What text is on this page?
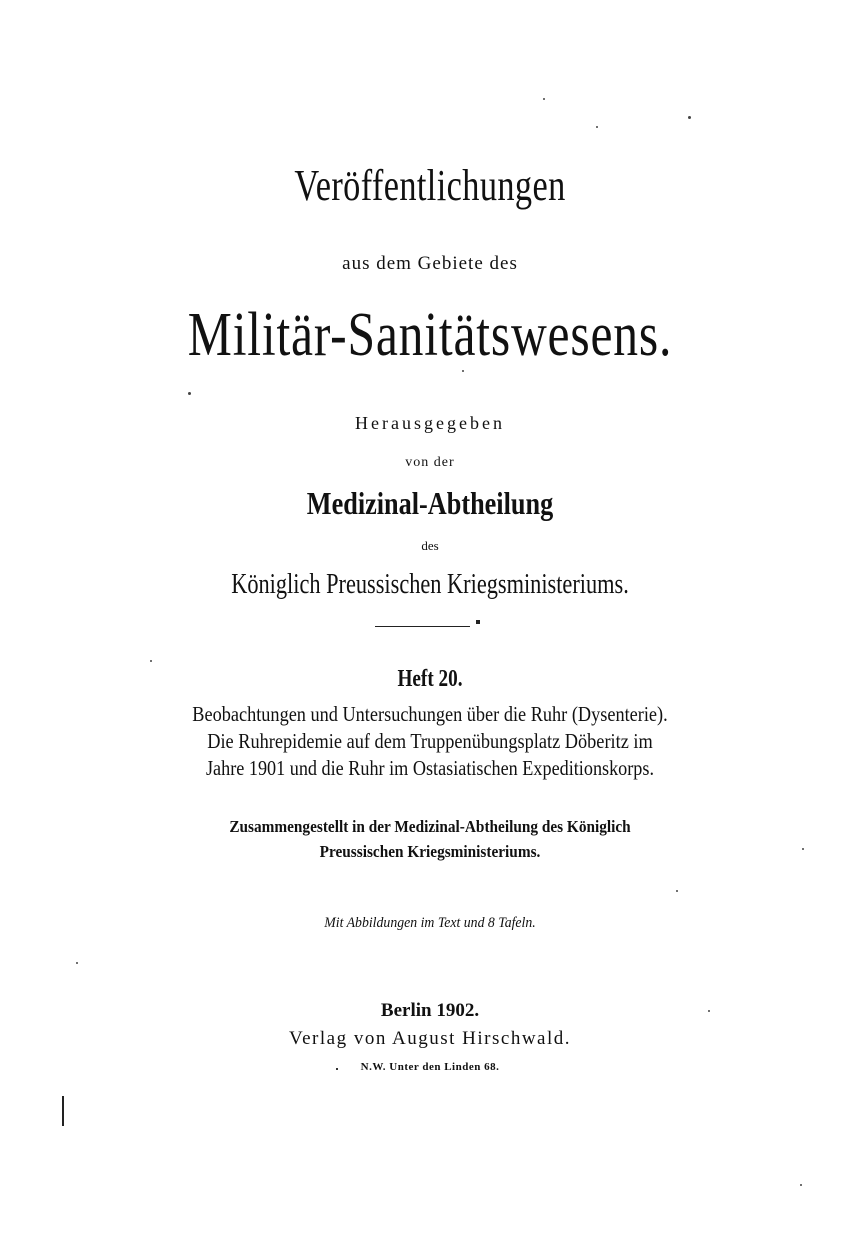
Veröffentlichungen
aus dem Gebiete des
Militär-Sanitätswesens.
Herausgegeben
von der
Medizinal-Abtheilung
des
Königlich Preussischen Kriegsministeriums.
Heft 20.
Beobachtungen und Untersuchungen über die Ruhr (Dysenterie).
Die Ruhrepidemie auf dem Truppenübungsplatz Döberitz im
Jahre 1901 und die Ruhr im Ostasiatischen Expeditionskorps.
Zusammengestellt in der Medizinal-Abtheilung des Königlich
Preussischen Kriegsministeriums.
Mit Abbildungen im Text und 8 Tafeln.
Berlin 1902.
Verlag von August Hirschwald.
N.W. Unter den Linden 68.
